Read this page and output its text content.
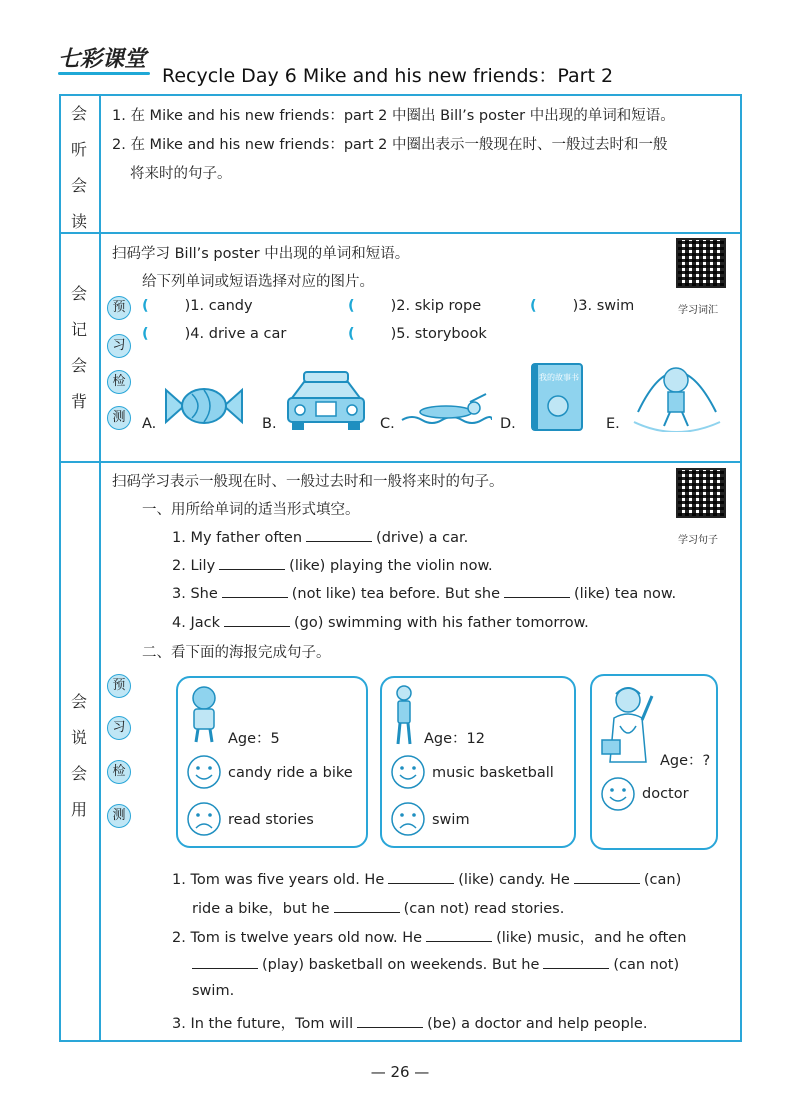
七彩课堂
Recycle Day 6 Mike and his new friends：Part 2
会
听
会
读
1. 在 Mike and his new friends：part 2 中圈出 Bill’s poster 中出现的单词和短语。
2. 在 Mike and his new friends：part 2 中圈出表示一般现在时、一般过去时和一般
将来时的句子。
会
记
会
背
扫码学习 Bill’s poster 中出现的单词和短语。
给下列单词或短语选择对应的图片。
学习词汇
预
习
检
测
( )1. candy	( )2. skip rope	( )3. swim
( )4. drive a car	( )5. storybook
A.	B.	C.	D.
我的故事书
E.
会
说
会
用
扫码学习表示一般现在时、一般过去时和一般将来时的句子。
学习句子
一、用所给单词的适当形式填空。
1. My father often	(drive) a car.
2. Lily	(like) playing the violin now.
3. She	(not like) tea before. But she	(like) tea now.
4. Jack	(go) swimming with his father tomorrow.
二、看下面的海报完成句子。
预
习
检
测
Age：5
candy ride a bike
read stories
Age：12
music basketball
swim
Age：?
doctor
1. Tom was five years old. He	(like) candy. He	(can)
ride a bike，but he	(can not) read stories.
2. Tom is twelve years old now. He	(like) music，and he often
(play) basketball on weekends. But he	(can not)
swim.
3. In the future，Tom will	(be) a doctor and help people.
— 26 —
